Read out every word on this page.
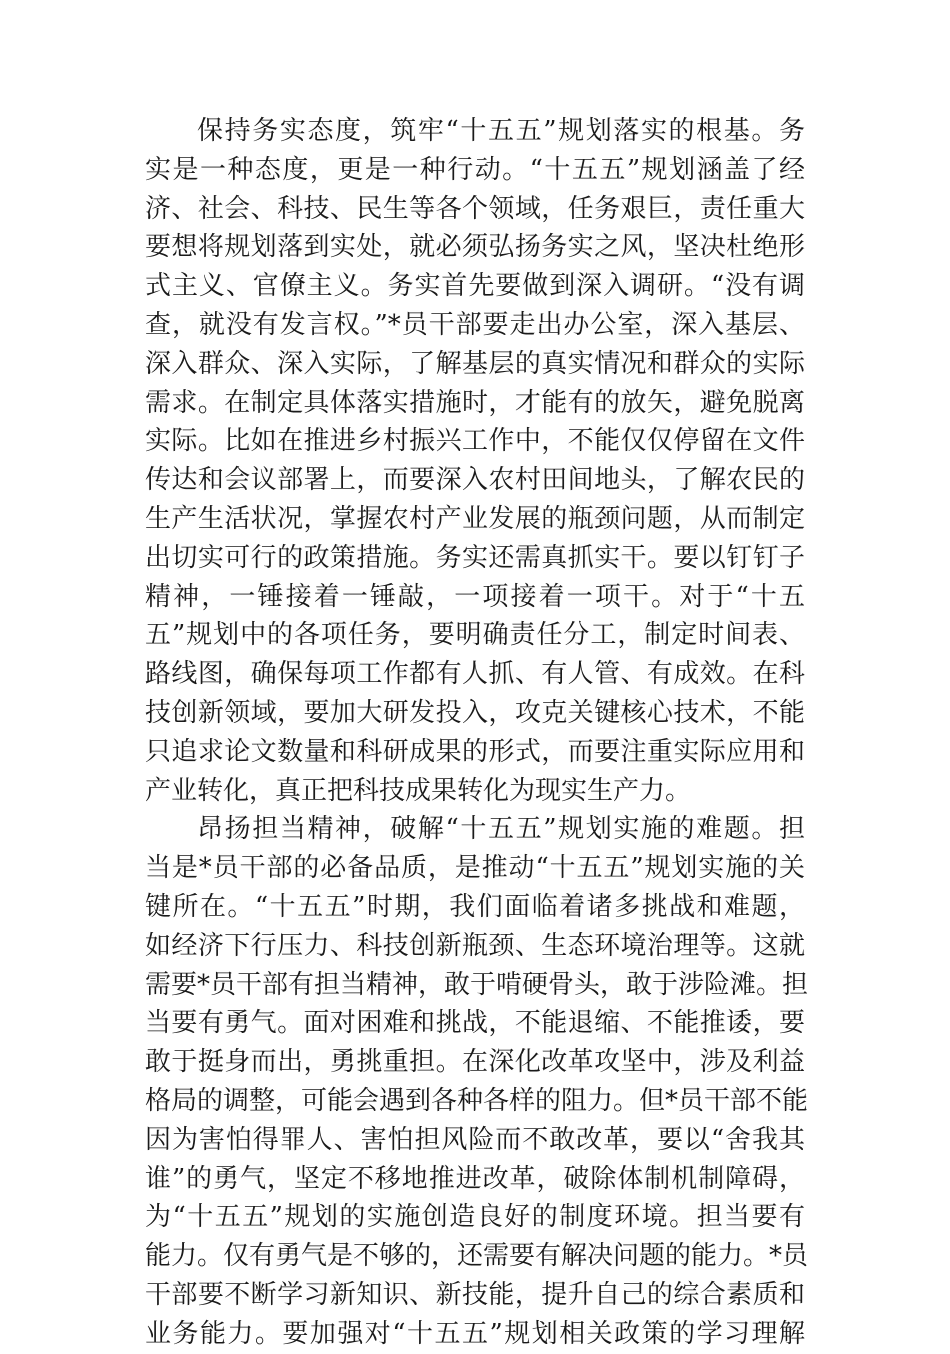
保持务实态度，筑牢“十五五”规划落实的根基。务
实是一种态度，更是一种行动。“十五五”规划涵盖了经
济、社会、科技、民生等各个领域，任务艰巨，责任重大
要想将规划落到实处，就必须弘扬务实之风，坚决杜绝形
式主义、官僚主义。务实首先要做到深入调研。“没有调
查，就没有发言权。”*员干部要走出办公室，深入基层、
深入群众、深入实际，了解基层的真实情况和群众的实际
需求。在制定具体落实措施时，才能有的放矢，避免脱离
实际。比如在推进乡村振兴工作中，不能仅仅停留在文件
传达和会议部署上，而要深入农村田间地头，了解农民的
生产生活状况，掌握农村产业发展的瓶颈问题，从而制定
出切实可行的政策措施。务实还需真抓实干。要以钉钉子
精神，一锤接着一锤敲，一项接着一项干。对于“十五
五”规划中的各项任务，要明确责任分工，制定时间表、
路线图，确保每项工作都有人抓、有人管、有成效。在科
技创新领域，要加大研发投入，攻克关键核心技术，不能
只追求论文数量和科研成果的形式，而要注重实际应用和
产业转化，真正把科技成果转化为现实生产力。
昂扬担当精神，破解“十五五”规划实施的难题。担
当是*员干部的必备品质，是推动“十五五”规划实施的关
键所在。“十五五”时期，我们面临着诸多挑战和难题，
如经济下行压力、科技创新瓶颈、生态环境治理等。这就
需要*员干部有担当精神，敢于啃硬骨头，敢于涉险滩。担
当要有勇气。面对困难和挑战，不能退缩、不能推诿，要
敢于挺身而出，勇挑重担。在深化改革攻坚中，涉及利益
格局的调整，可能会遇到各种各样的阻力。但*员干部不能
因为害怕得罪人、害怕担风险而不敢改革，要以“舍我其
谁”的勇气，坚定不移地推进改革，破除体制机制障碍，
为“十五五”规划的实施创造良好的制度环境。担当要有
能力。仅有勇气是不够的，还需要有解决问题的能力。*员
干部要不断学习新知识、新技能，提升自己的综合素质和
业务能力。要加强对“十五五”规划相关政策的学习理解
